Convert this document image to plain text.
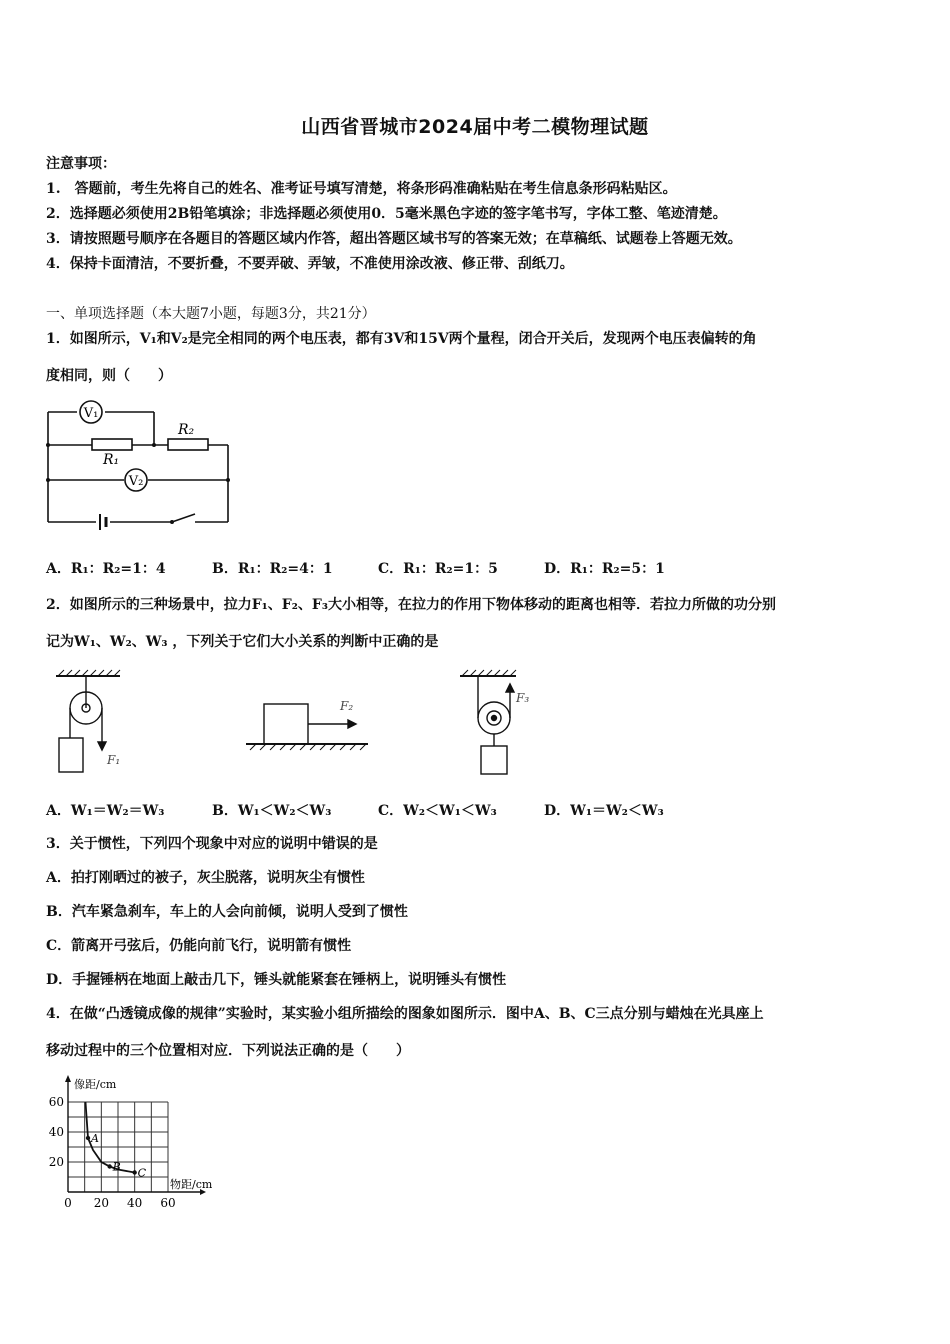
山西省晋城市2024届中考二模物理试题
注意事项：
1.　答题前，考生先将自己的姓名、准考证号填写清楚，将条形码准确粘贴在考生信息条形码粘贴区。
2．选择题必须使用2B铅笔填涂；非选择题必须使用0．5毫米黑色字迹的签字笔书写，字体工整、笔迹清楚。
3．请按照题号顺序在各题目的答题区域内作答，超出答题区域书写的答案无效；在草稿纸、试题卷上答题无效。
4．保持卡面清洁，不要折叠，不要弄破、弄皱，不准使用涂改液、修正带、刮纸刀。
一、单项选择题（本大题7小题，每题3分，共21分）
1．如图所示，V₁和V₂是完全相同的两个电压表，都有3V和15V两个量程，闭合开关后，发现两个电压表偏转的角
度相同，则（　　）
V₁
V₂
R₁
R₂
A．R₁：R₂=1：4	B．R₁：R₂=4：1	C．R₁：R₂=1：5	D．R₁：R₂=5：1
2．如图所示的三种场景中，拉力F₁、F₂、F₃大小相等，在拉力的作用下物体移动的距离也相等．若拉力所做的功分别
记为W₁、W₂、W₃ ，下列关于它们大小关系的判断中正确的是
F₁
F₂
F₃
A．W₁＝W₂＝W₃	B．W₁＜W₂＜W₃	C．W₂＜W₁＜W₃	D．W₁＝W₂＜W₃
3．关于惯性，下列四个现象中对应的说明中错误的是
A．拍打刚晒过的被子，灰尘脱落，说明灰尘有惯性
B．汽车紧急刹车，车上的人会向前倾，说明人受到了惯性
C．箭离开弓弦后，仍能向前飞行，说明箭有惯性
D．手握锤柄在地面上敲击几下，锤头就能紧套在锤柄上，说明锤头有惯性
4．在做“凸透镜成像的规律”实验时，某实验小组所描绘的图象如图所示．图中A、B、C三点分别与蜡烛在光具座上
移动过程中的三个位置相对应．下列说法正确的是（　　）
物距/cm
像距/cm
0 20 40 60
20
40
60
A
B C
